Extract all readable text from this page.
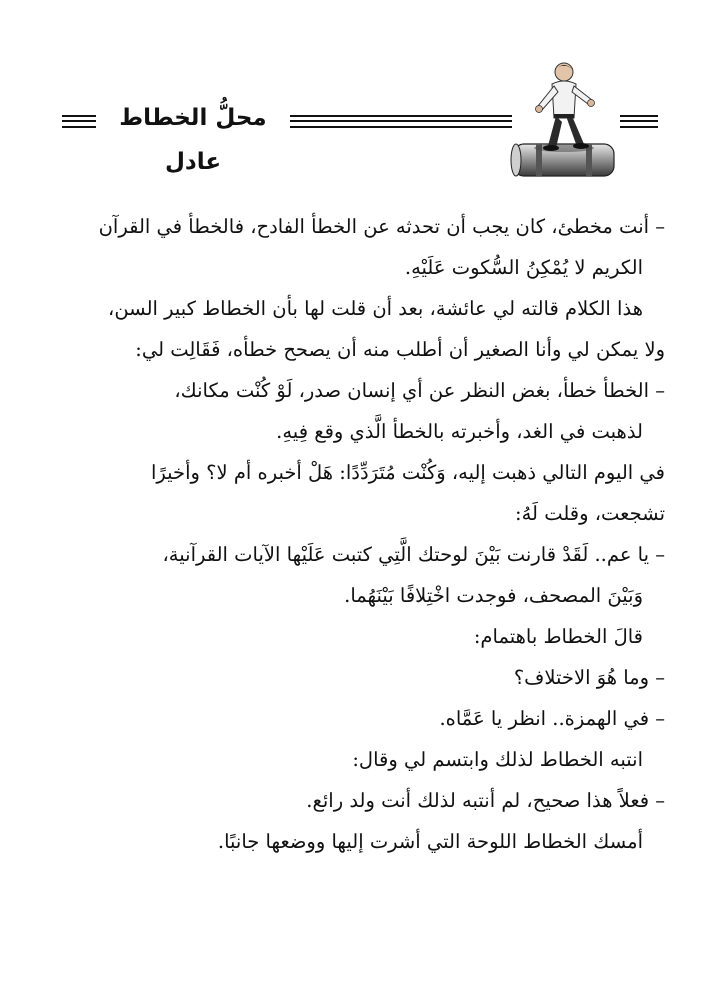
محلُّ الخطاط عادل

– أنت مخطئ، كان يجب أن تحدثه عن الخطأ الفادح، فالخطأ في القرآن
الكريم لا يُمْكِنُ السُّكوت عَلَيْهِ.

هذا الكلام قالته لي عائشة، بعد أن قلت لها بأن الخطاط كبير السن،
ولا يمكن لي وأنا الصغير أن أطلب منه أن يصحح خطأه، فَقَالِت لي:

– الخطأ خطأ، بغض النظر عن أي إنسان صدر، لَوْ كُنْت مكانك،
لذهبت في الغد، وأخبرته بالخطأ الَّذي وقع فِيهِ.

في اليوم التالي ذهبت إليه، وَكُنْت مُتَرَدِّدًا: هَلْ أخبره أم لا؟ وأخيرًا
تشجعت، وقلت لَهُ:

– يا عم.. لَقَدْ قارنت بَيْنَ لوحتك الَّتِي كتبت عَلَيْها الآيات القرآنية،
وَبَيْنَ المصحف، فوجدت اخْتِلافًا بَيْنَهُما.

قالَ الخطاط باهتمام:

– وما هُوَ الاختلاف؟

– في الهمزة.. انظر يا عَمَّاه.

انتبه الخطاط لذلك وابتسم لي وقال:

– فعلاً هذا صحيح، لم أنتبه لذلك أنت ولد رائع.

أمسك الخطاط اللوحة التي أشرت إليها ووضعها جانبًا.
